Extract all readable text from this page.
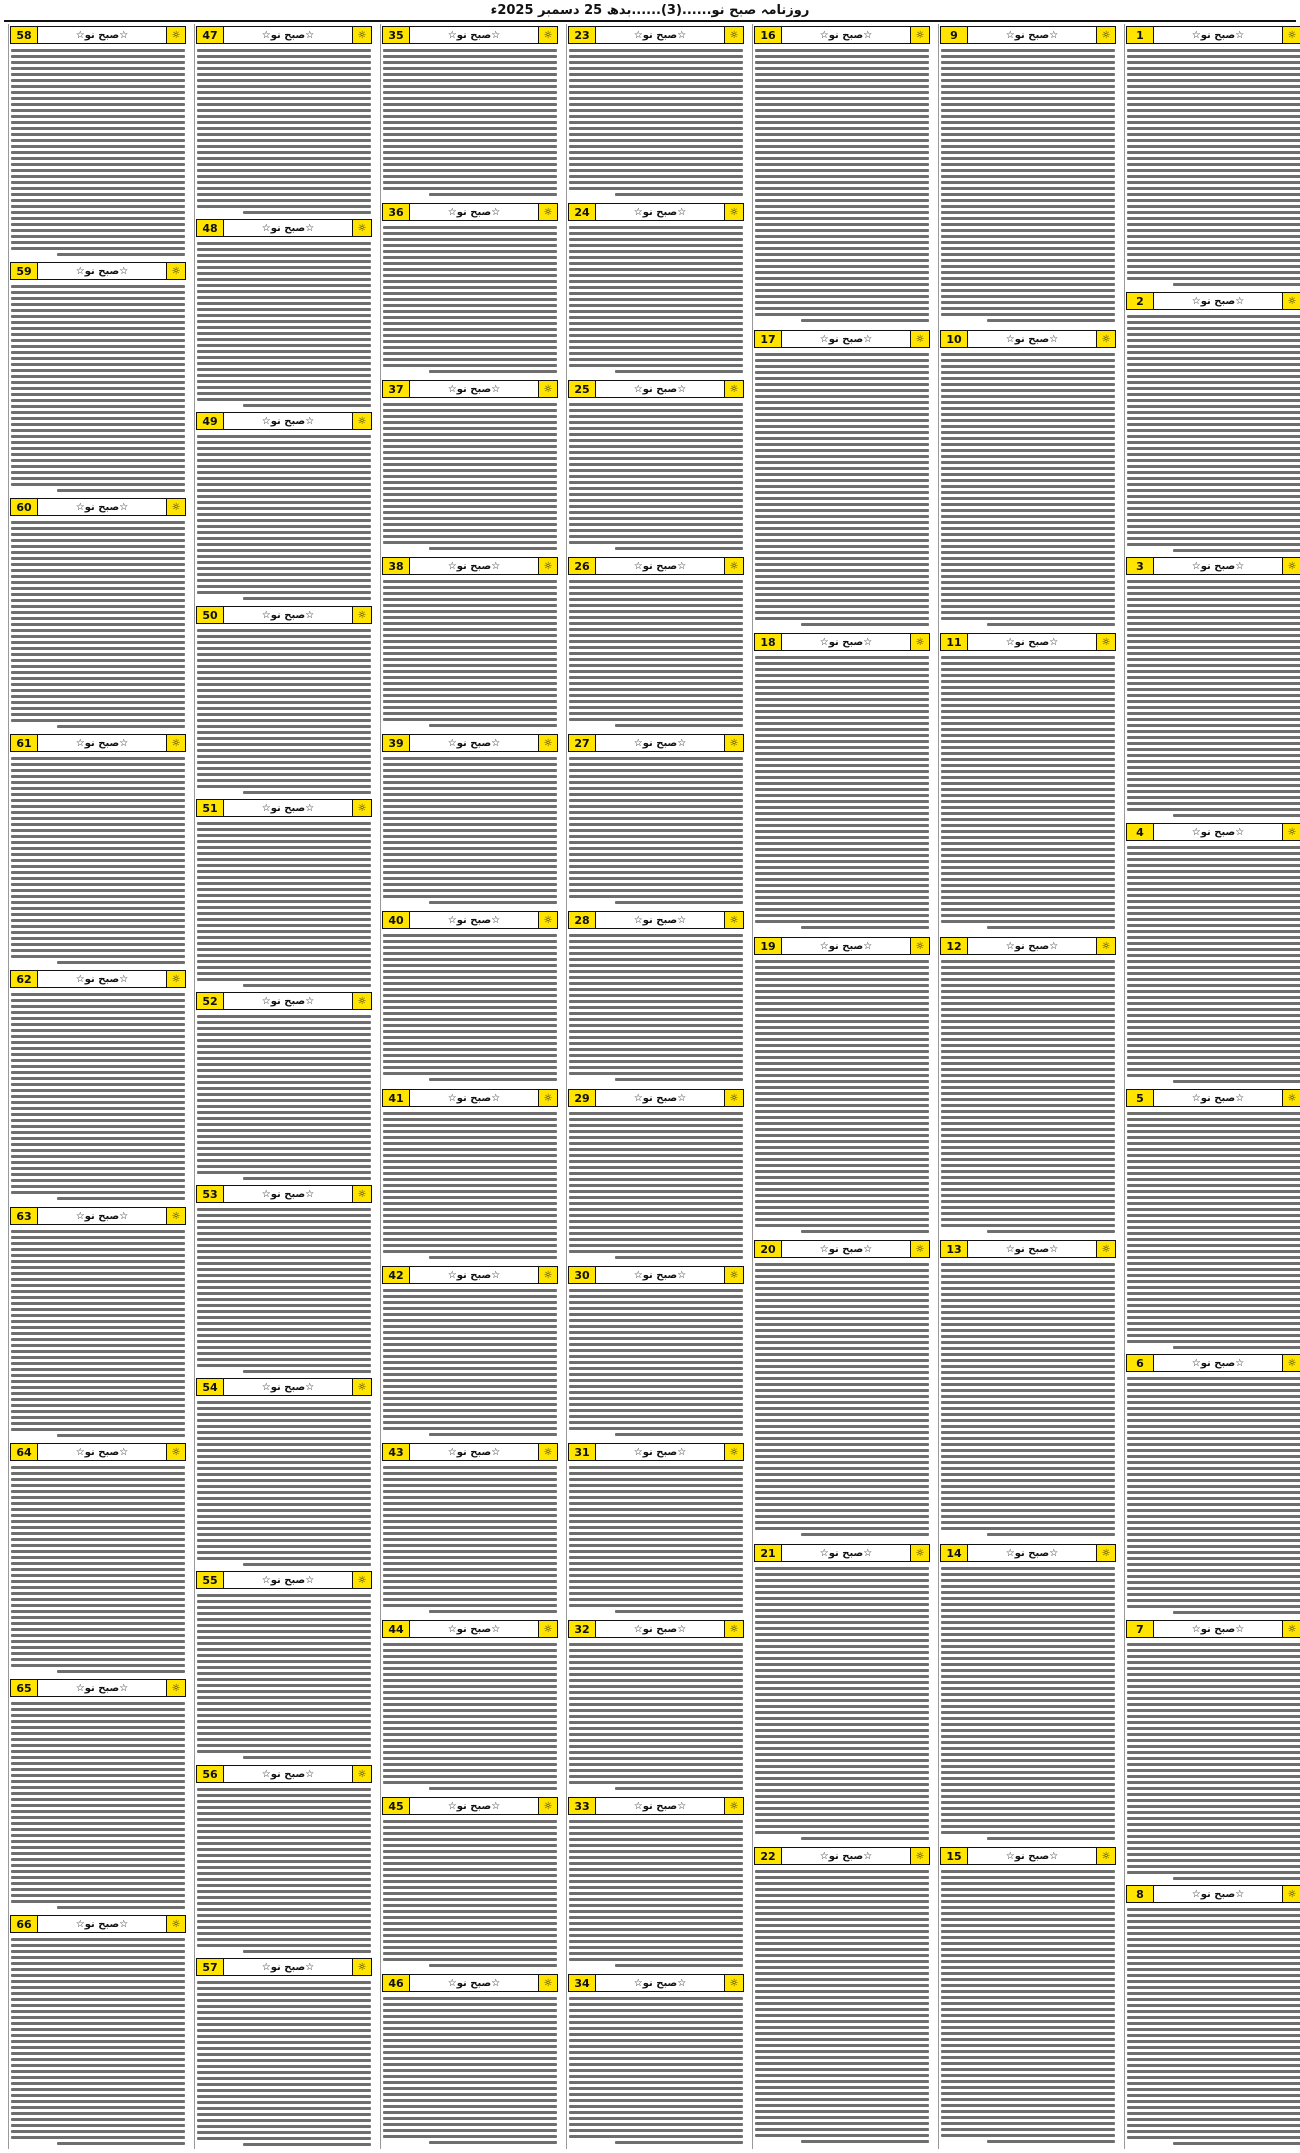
روزنامہ صبح نو......(3)......بدھ 25 دسمبر 2025ء
1	☆صبح نو☆	☼
2	☆صبح نو☆	☼
3	☆صبح نو☆	☼
4	☆صبح نو☆	☼
5	☆صبح نو☆	☼
6	☆صبح نو☆	☼
7	☆صبح نو☆	☼
8	☆صبح نو☆	☼
9	☆صبح نو☆	☼
10	☆صبح نو☆	☼
11	☆صبح نو☆	☼
12	☆صبح نو☆	☼
13	☆صبح نو☆	☼
14	☆صبح نو☆	☼
15	☆صبح نو☆	☼
16	☆صبح نو☆	☼
17	☆صبح نو☆	☼
18	☆صبح نو☆	☼
19	☆صبح نو☆	☼
20	☆صبح نو☆	☼
21	☆صبح نو☆	☼
22	☆صبح نو☆	☼
23	☆صبح نو☆	☼
24	☆صبح نو☆	☼
25	☆صبح نو☆	☼
26	☆صبح نو☆	☼
27	☆صبح نو☆	☼
28	☆صبح نو☆	☼
29	☆صبح نو☆	☼
30	☆صبح نو☆	☼
31	☆صبح نو☆	☼
32	☆صبح نو☆	☼
33	☆صبح نو☆	☼
34	☆صبح نو☆	☼
35	☆صبح نو☆	☼
36	☆صبح نو☆	☼
37	☆صبح نو☆	☼
38	☆صبح نو☆	☼
39	☆صبح نو☆	☼
40	☆صبح نو☆	☼
41	☆صبح نو☆	☼
42	☆صبح نو☆	☼
43	☆صبح نو☆	☼
44	☆صبح نو☆	☼
45	☆صبح نو☆	☼
46	☆صبح نو☆	☼
47	☆صبح نو☆	☼
48	☆صبح نو☆	☼
49	☆صبح نو☆	☼
50	☆صبح نو☆	☼
51	☆صبح نو☆	☼
52	☆صبح نو☆	☼
53	☆صبح نو☆	☼
54	☆صبح نو☆	☼
55	☆صبح نو☆	☼
56	☆صبح نو☆	☼
57	☆صبح نو☆	☼
58	☆صبح نو☆	☼
59	☆صبح نو☆	☼
60	☆صبح نو☆	☼
61	☆صبح نو☆	☼
62	☆صبح نو☆	☼
63	☆صبح نو☆	☼
64	☆صبح نو☆	☼
65	☆صبح نو☆	☼
66	☆صبح نو☆	☼
